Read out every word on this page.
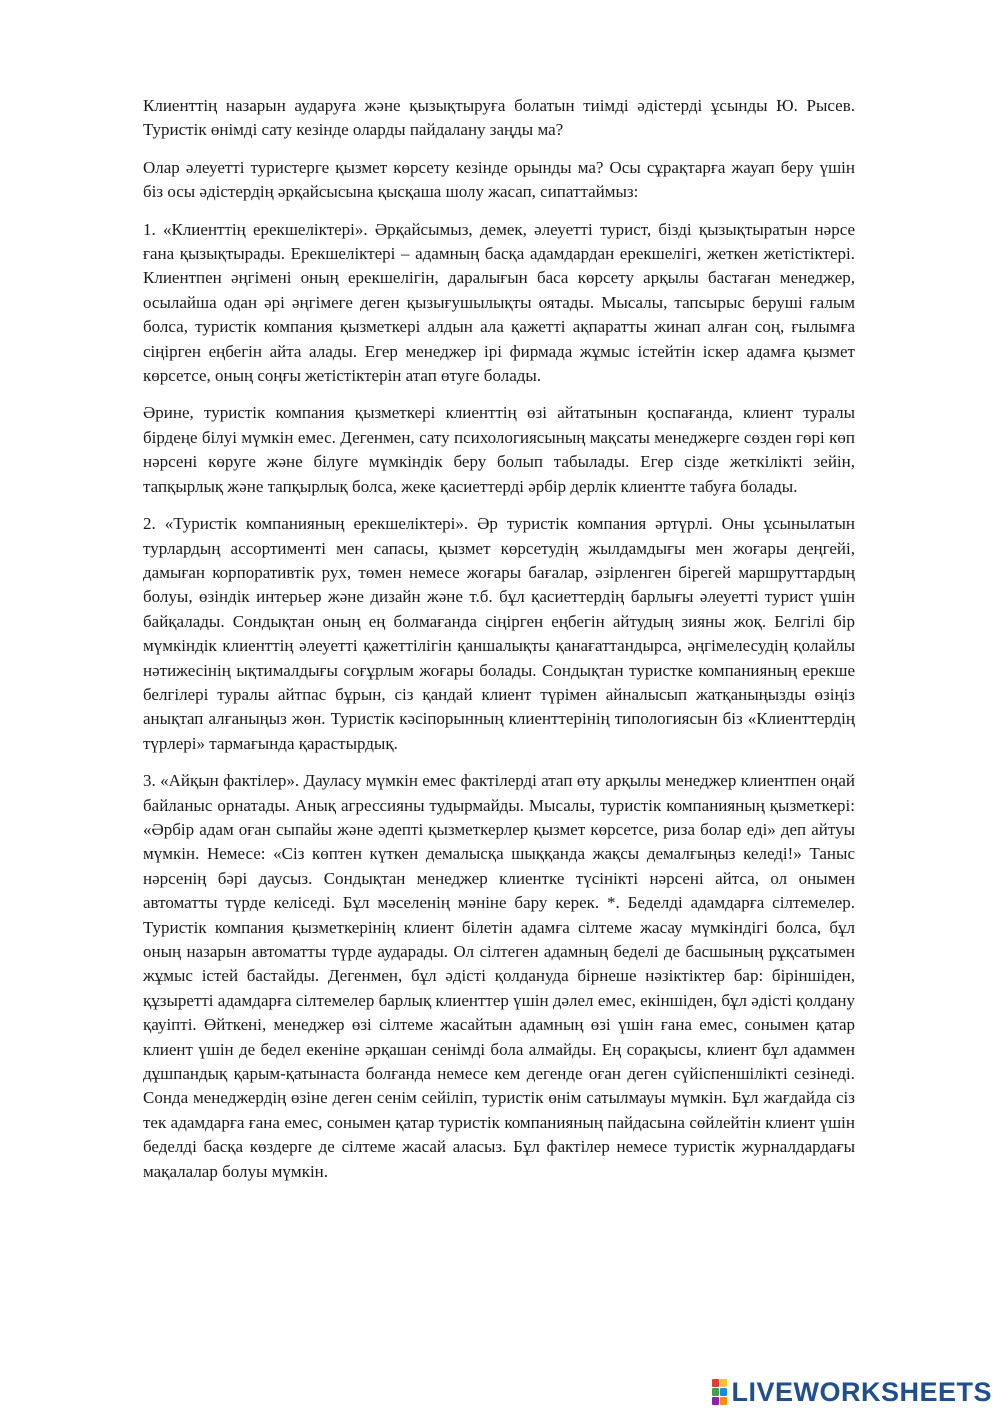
Клиенттің назарын аударуға және қызықтыруға болатын тиімді әдістерді ұсынды Ю. Рысев. Туристік өнімді сату кезінде оларды пайдалану заңды ма?

Олар әлеуетті туристерге қызмет көрсету кезінде орынды ма? Осы сұрақтарға жауап беру үшін біз осы әдістердің әрқайсысына қысқаша шолу жасап, сипаттаймыз:

1. «Клиенттің ерекшеліктері». Әрқайсымыз, демек, әлеуетті турист, бізді қызықтыратын нәрсе ғана қызықтырады. Ерекшеліктері – адамның басқа адамдардан ерекшелігі, жеткен жетістіктері. Клиентпен әңгімені оның ерекшелігін, даралығын баса көрсету арқылы бастаған менеджер, осылайша одан әрі әңгімеге деген қызығушылықты оятады. Мысалы, тапсырыс беруші ғалым болса, туристік компания қызметкері алдын ала қажетті ақпаратты жинап алған соң, ғылымға сіңірген еңбегін айта алады. Егер менеджер ірі фирмада жұмыс істейтін іскер адамға қызмет көрсетсе, оның соңғы жетістіктерін атап өтуге болады.

Әрине, туристік компания қызметкері клиенттің өзі айтатынын қоспағанда, клиент туралы бірдеңе білуі мүмкін емес. Дегенмен, сату психологиясының мақсаты менеджерге сөзден гөрі көп нәрсені көруге және білуге мүмкіндік беру болып табылады. Егер сізде жеткілікті зейін, тапқырлық және тапқырлық болса, жеке қасиеттерді әрбір дерлік клиентте табуға болады.

2. «Туристік компанияның ерекшеліктері». Әр туристік компания әртүрлі. Оны ұсынылатын турлардың ассортименті мен сапасы, қызмет көрсетудің жылдамдығы мен жоғары деңгейі, дамыған корпоративтік рух, төмен немесе жоғары бағалар, әзірленген бірегей маршруттардың болуы, өзіндік интерьер және дизайн және т.б. бұл қасиеттердің барлығы әлеуетті турист үшін байқалады. Сондықтан оның ең болмағанда сіңірген еңбегін айтудың зияны жоқ. Белгілі бір мүмкіндік клиенттің әлеуетті қажеттілігін қаншалықты қанағаттандырса, әңгімелесудің қолайлы нәтижесінің ықтималдығы соғұрлым жоғары болады. Сондықтан туристке компанияның ерекше белгілері туралы айтпас бұрын, сіз қандай клиент түрімен айналысып жатқаныңызды өзіңіз анықтап алғаныңыз жөн. Туристік кәсіпорынның клиенттерінің типологиясын біз «Клиенттердің түрлері» тармағында қарастырдық.

3. «Айқын фактілер». Дауласу мүмкін емес фактілерді атап өту арқылы менеджер клиентпен оңай байланыс орнатады. Анық агрессияны тудырмайды. Мысалы, туристік компанияның қызметкері: «Әрбір адам оған сыпайы және әдепті қызметкерлер қызмет көрсетсе, риза болар еді» деп айтуы мүмкін. Немесе: «Сіз көптен күткен демалысқа шыққанда жақсы демалғыңыз келеді!» Таныс нәрсенің бәрі даусыз. Сондықтан менеджер клиентке түсінікті нәрсені айтса, ол онымен автоматты түрде келіседі. Бұл мәселенің мәніне бару керек. *. Беделді адамдарға сілтемелер. Туристік компания қызметкерінің клиент білетін адамға сілтеме жасау мүмкіндігі болса, бұл оның назарын автоматты түрде аударады. Ол сілтеген адамның беделі де басшының рұқсатымен жұмыс істей бастайды. Дегенмен, бұл әдісті қолдануда бірнеше нәзіктіктер бар: біріншіден, құзыретті адамдарға сілтемелер барлық клиенттер үшін дәлел емес, екіншіден, бұл әдісті қолдану қауіпті. Өйткені, менеджер өзі сілтеме жасайтын адамның өзі үшін ғана емес, сонымен қатар клиент үшін де бедел екеніне әрқашан сенімді бола алмайды. Ең сорақысы, клиент бұл адаммен дұшпандық қарым-қатынаста болғанда немесе кем дегенде оған деген сүйіспеншілікті сезінеді. Сонда менеджердің өзіне деген сенім сейіліп, туристік өнім сатылмауы мүмкін. Бұл жағдайда сіз тек адамдарға ғана емес, сонымен қатар туристік компанияның пайдасына сөйлейтін клиент үшін беделді басқа көздерге де сілтеме жасай аласыз. Бұл фактілер немесе туристік журналдардағы мақалалар болуы мүмкін.

LIVEWORKSHEETS
